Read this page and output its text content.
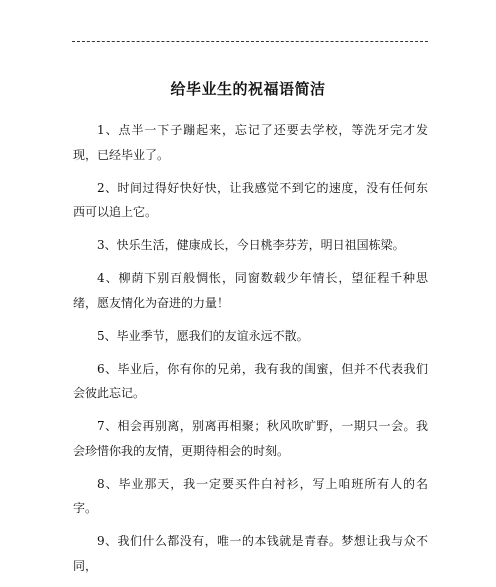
给毕业生的祝福语简洁

1、点半一下子蹦起来，忘记了还要去学校，等洗牙完才发现，已经毕业了。

2、时间过得好快好快，让我感觉不到它的速度，没有任何东西可以追上它。

3、快乐生活，健康成长，今日桃李芬芳，明日祖国栋梁。

4、柳荫下别百般惆怅，同窗数载少年情长，望征程千种思绪，愿友情化为奋进的力量！

5、毕业季节，愿我们的友谊永远不散。

6、毕业后，你有你的兄弟，我有我的闺蜜，但并不代表我们会彼此忘记。

7、相会再别离，别离再相聚；秋风吹旷野，一期只一会。我会珍惜你我的友情，更期待相会的时刻。

8、毕业那天，我一定要买件白衬衫，写上咱班所有人的名字。

9、我们什么都没有，唯一的本钱就是青春。梦想让我与众不同，
